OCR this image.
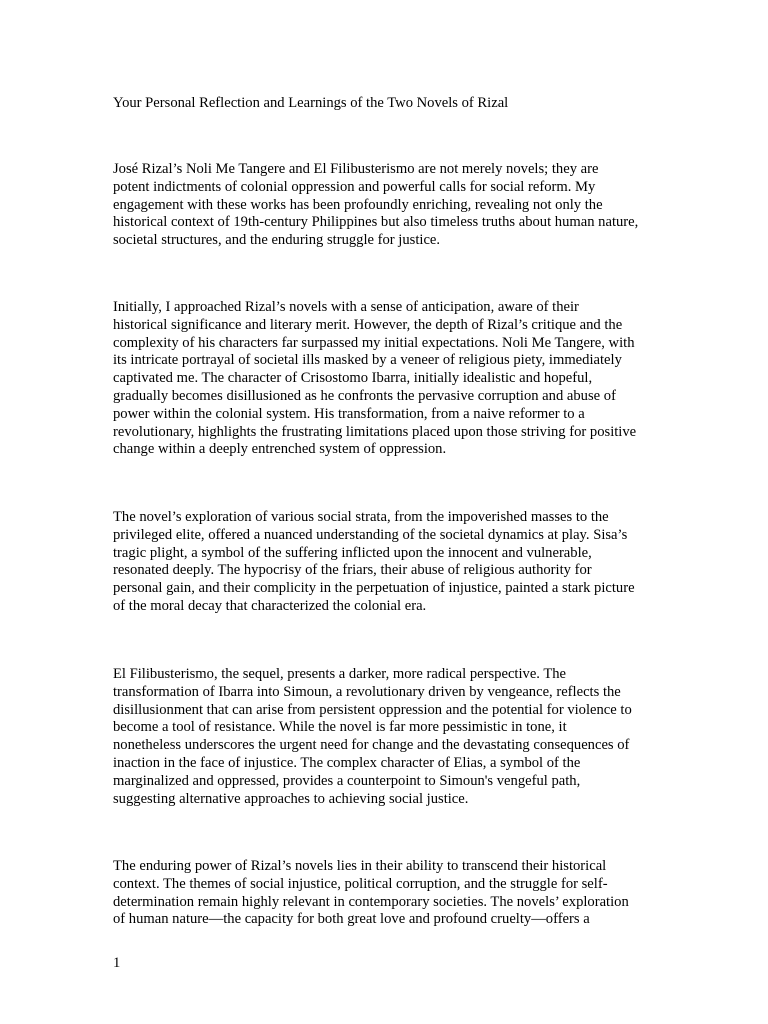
Your Personal Reflection and Learnings of the Two Novels of Rizal
José Rizal’s Noli Me Tangere and El Filibusterismo are not merely novels; they are
potent indictments of colonial oppression and powerful calls for social reform. My
engagement with these works has been profoundly enriching, revealing not only the
historical context of 19th-century Philippines but also timeless truths about human nature,
societal structures, and the enduring struggle for justice.
Initially, I approached Rizal’s novels with a sense of anticipation, aware of their
historical significance and literary merit. However, the depth of Rizal’s critique and the
complexity of his characters far surpassed my initial expectations. Noli Me Tangere, with
its intricate portrayal of societal ills masked by a veneer of religious piety, immediately
captivated me. The character of Crisostomo Ibarra, initially idealistic and hopeful,
gradually becomes disillusioned as he confronts the pervasive corruption and abuse of
power within the colonial system. His transformation, from a naive reformer to a
revolutionary, highlights the frustrating limitations placed upon those striving for positive
change within a deeply entrenched system of oppression.
The novel’s exploration of various social strata, from the impoverished masses to the
privileged elite, offered a nuanced understanding of the societal dynamics at play. Sisa’s
tragic plight, a symbol of the suffering inflicted upon the innocent and vulnerable,
resonated deeply. The hypocrisy of the friars, their abuse of religious authority for
personal gain, and their complicity in the perpetuation of injustice, painted a stark picture
of the moral decay that characterized the colonial era.
El Filibusterismo, the sequel, presents a darker, more radical perspective. The
transformation of Ibarra into Simoun, a revolutionary driven by vengeance, reflects the
disillusionment that can arise from persistent oppression and the potential for violence to
become a tool of resistance. While the novel is far more pessimistic in tone, it
nonetheless underscores the urgent need for change and the devastating consequences of
inaction in the face of injustice. The complex character of Elias, a symbol of the
marginalized and oppressed, provides a counterpoint to Simoun's vengeful path,
suggesting alternative approaches to achieving social justice.
The enduring power of Rizal’s novels lies in their ability to transcend their historical
context. The themes of social injustice, political corruption, and the struggle for self-
determination remain highly relevant in contemporary societies. The novels’ exploration
of human nature—the capacity for both great love and profound cruelty—offers a
1
